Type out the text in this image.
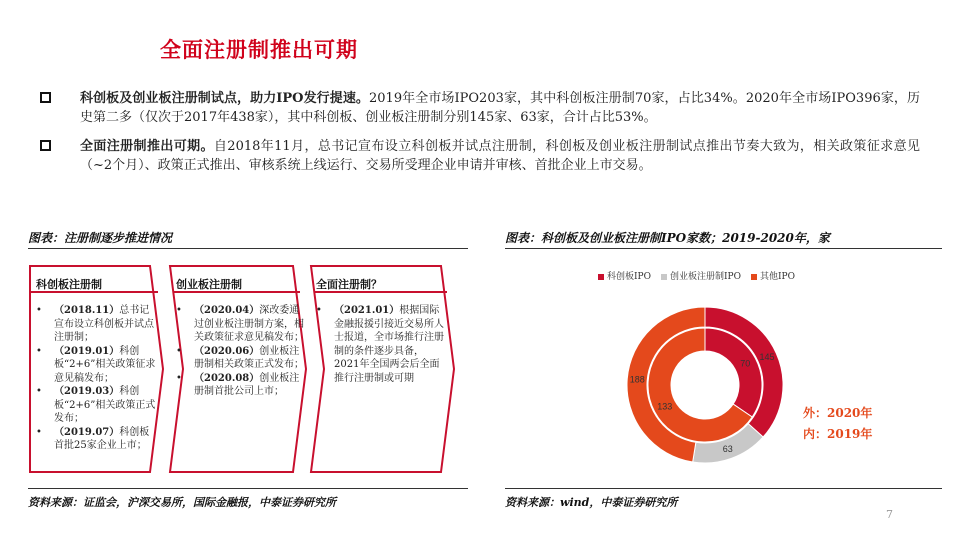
全面注册制推出可期
科创板及创业板注册制试点，助力IPO发行提速。2019年全市场IPO203家，其中科创板注册制70家，占比34%。2020年全市场IPO396家，历史第二多（仅次于2017年438家），其中科创板、创业板注册制分别145家、63家，合计占比53%。
全面注册制推出可期。自2018年11月，总书记宣布设立科创板并试点注册制，科创板及创业板注册制试点推出节奏大致为，相关政策征求意见（~2个月）、政策正式推出、审核系统上线运行、交易所受理企业申请并审核、首批企业上市交易。
图表：注册制逐步推进情况	图表：科创板及创业板注册制IPO家数；2019-2020年，家
科创板注册制
• （2018.11）总书记宣布设立科创板并试点注册制；
• （2019.01）科创板“2+6”相关政策征求意见稿发布；
• （2019.03）科创板“2+6”相关政策正式发布；
• （2019.07）科创板首批25家企业上市；
创业板注册制
• （2020.04）深改委通过创业板注册制方案，相关政策征求意见稿发布；
• （2020.06）创业板注册制相关政策正式发布；
• （2020.08）创业板注册制首批公司上市；
全面注册制？
• （2021.01）根据国际金融报援引接近交易所人士报道，全市场推行注册制的条件逐步具备，2021年全国两会后全面推行注册制或可期
科创板IPO	创业板注册制IPO	其他IPO
145
63
188
70
133	外：2020年
内：2019年
资料来源：证监会，沪深交易所，国际金融报，中泰证券研究所	资料来源：wind，中泰证券研究所
7
